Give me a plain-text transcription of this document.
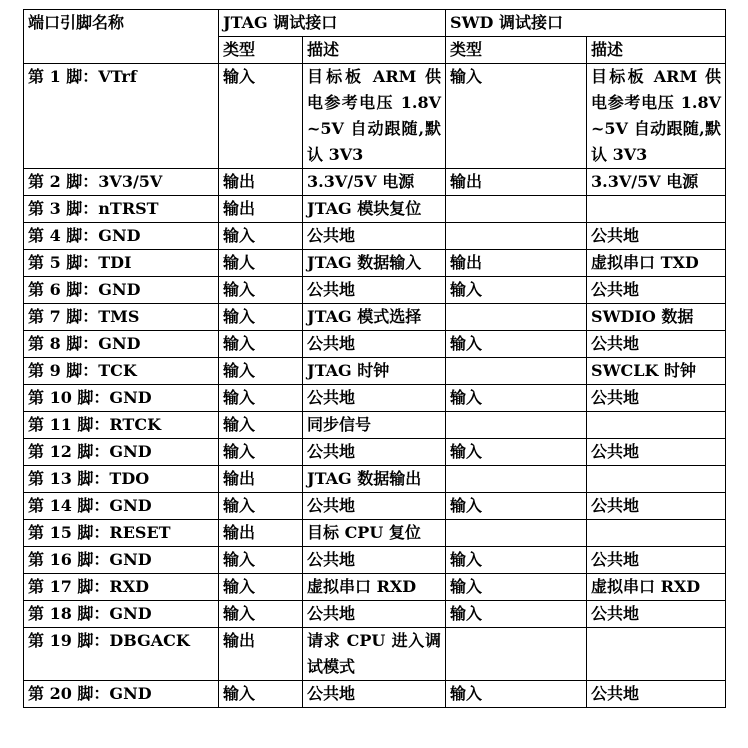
端口引脚名称	JTAG 调试接口		SWD 调试接口	
	类型	描述	类型	描述
第 1 脚：VTrf	输入	目标板 ARM 供电参考电压 1.8V~5V 自动跟随,默认 3V3	输入	目标板 ARM 供电参考电压 1.8V~5V 自动跟随,默认 3V3
第 2 脚：3V3/5V	输出	3.3V/5V 电源	输出	3.3V/5V 电源
第 3 脚：nTRST	输出	JTAG 模块复位		
第 4 脚：GND	输入	公共地		公共地
第 5 脚：TDI	输人	JTAG 数据输入	输出	虚拟串口 TXD
第 6 脚：GND	输入	公共地	输入	公共地
第 7 脚：TMS	输入	JTAG 模式选择		SWDIO 数据
第 8 脚：GND	输入	公共地	输入	公共地
第 9 脚：TCK	输入	JTAG 时钟		SWCLK 时钟
第 10 脚：GND	输入	公共地	输入	公共地
第 11 脚：RTCK	输入	同步信号		
第 12 脚：GND	输入	公共地	输入	公共地
第 13 脚：TDO	输出	JTAG 数据输出		
第 14 脚：GND	输入	公共地	输入	公共地
第 15 脚：RESET	输出	目标 CPU 复位		
第 16 脚：GND	输入	公共地	输入	公共地
第 17 脚：RXD	输入	虚拟串口 RXD	输入	虚拟串口 RXD
第 18 脚：GND	输入	公共地	输入	公共地
第 19 脚：DBGACK	输出	请求 CPU 进入调试模式		
第 20 脚：GND	输入	公共地	输入	公共地
